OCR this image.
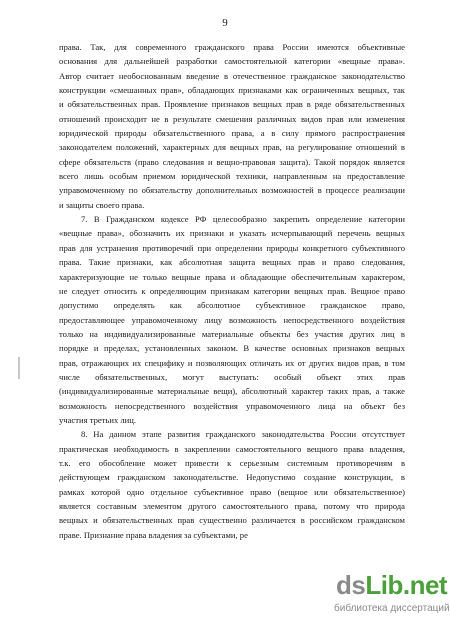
9
права. Так, для современного гражданского права России имеются объективные
основания для дальнейшей разработки самостоятельной категории «вещные права».
Автор считает необоснованным введение в отечественное гражданское законодательство
конструкции «смешанных прав», обладающих признаками как ограниченных вещных, так
и обязательственных прав. Проявление признаков вещных прав в ряде обязательственных
отношений происходит не в результате смешения различных видов прав или изменения
юридической природы обязательственного права, а в силу прямого распространения
законодателем положений, характерных для вещных прав, на регулирование отношений в
сфере обязательств (право следования и вещно-правовая защита). Такой порядок является
всего лишь особым приемом юридической техники, направленным на предоставление
управомоченному по обязательству дополнительных возможностей в процессе реализации
и защиты своего права.
7. В Гражданском кодексе РФ целесообразно закрепить определение категории
«вещные права», обозначить их признаки и указать исчерпывающий перечень вещных
прав для устранения противоречий при определении природы конкретного субъективного
права. Такие признаки, как абсолютная защита вещных прав и право следования,
характеризующие не только вещные права и обладающие обеспечительным характером,
не следует относить к определяющим признакам категории вещных прав. Вещное право
допустимо определять как абсолютное субъективное гражданское право,
предоставляющее управомоченному лицу возможность непосредственного воздействия
только на индивидуализированные материальные объекты без участия других лиц в
порядке и пределах, установленных законом. В качестве основных признаков вещных
прав, отражающих их специфику и позволяющих отличать их от других видов прав, в том
числе обязательственных, могут выступать: особый объект этих прав
(индивидуализированные материальные вещи), абсолютный характер таких прав, а также
возможность непосредственного воздействия управомоченного лица на объект без
участия третьих лиц.
8. На данном этапе развития гражданского законодательства России отсутствует
практическая необходимость в закреплении самостоятельного вещного права владения,
т.к. его обособление может привести к серьезным системным противоречиям в
действующем гражданском законодательстве. Недопустимо создание конструкции, в
рамках которой одно отдельное субъективное право (вещное или обязательственное)
является составным элементом другого самостоятельного права, потому что природа
вещных и обязательственных прав существенно различается в российском гражданском
праве. Признание права владения за субъектами, ре
dsLib.net
библиотека диссертаций
